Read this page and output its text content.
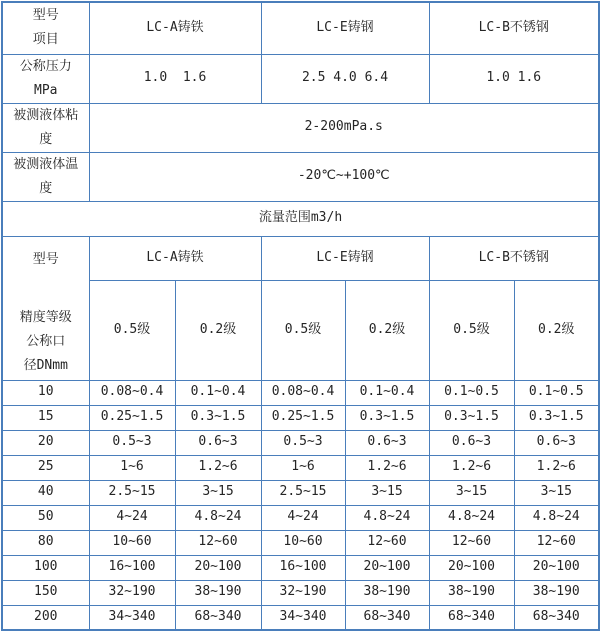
型号
项目	LC-A铸铁		LC-E铸钢		LC-B不锈钢	

公称压力
MPa	1.0  1.6		2.5 4.0 6.4		1.0 1.6	

被测液体粘
度	2-200mPa.s					

被测液体温
度	-20℃~+100℃					
流量范围m3/h						

型号
精度等级
公称口
径DNmm	LC-A铸铁		LC-E铸钢		LC-B不锈钢	
	0.5级	0.2级	0.5级	0.2级	0.5级	0.2级
10	0.08~0.4	0.1~0.4	0.08~0.4	0.1~0.4	0.1~0.5	0.1~0.5
15	0.25~1.5	0.3~1.5	0.25~1.5	0.3~1.5	0.3~1.5	0.3~1.5
20	0.5~3	0.6~3	0.5~3	0.6~3	0.6~3	0.6~3
25	1~6	1.2~6	1~6	1.2~6	1.2~6	1.2~6
40	2.5~15	3~15	2.5~15	3~15	3~15	3~15
50	4~24	4.8~24	4~24	4.8~24	4.8~24	4.8~24
80	10~60	12~60	10~60	12~60	12~60	12~60
100	16~100	20~100	16~100	20~100	20~100	20~100
150	32~190	38~190	32~190	38~190	38~190	38~190
200	34~340	68~340	34~340	68~340	68~340	68~340
